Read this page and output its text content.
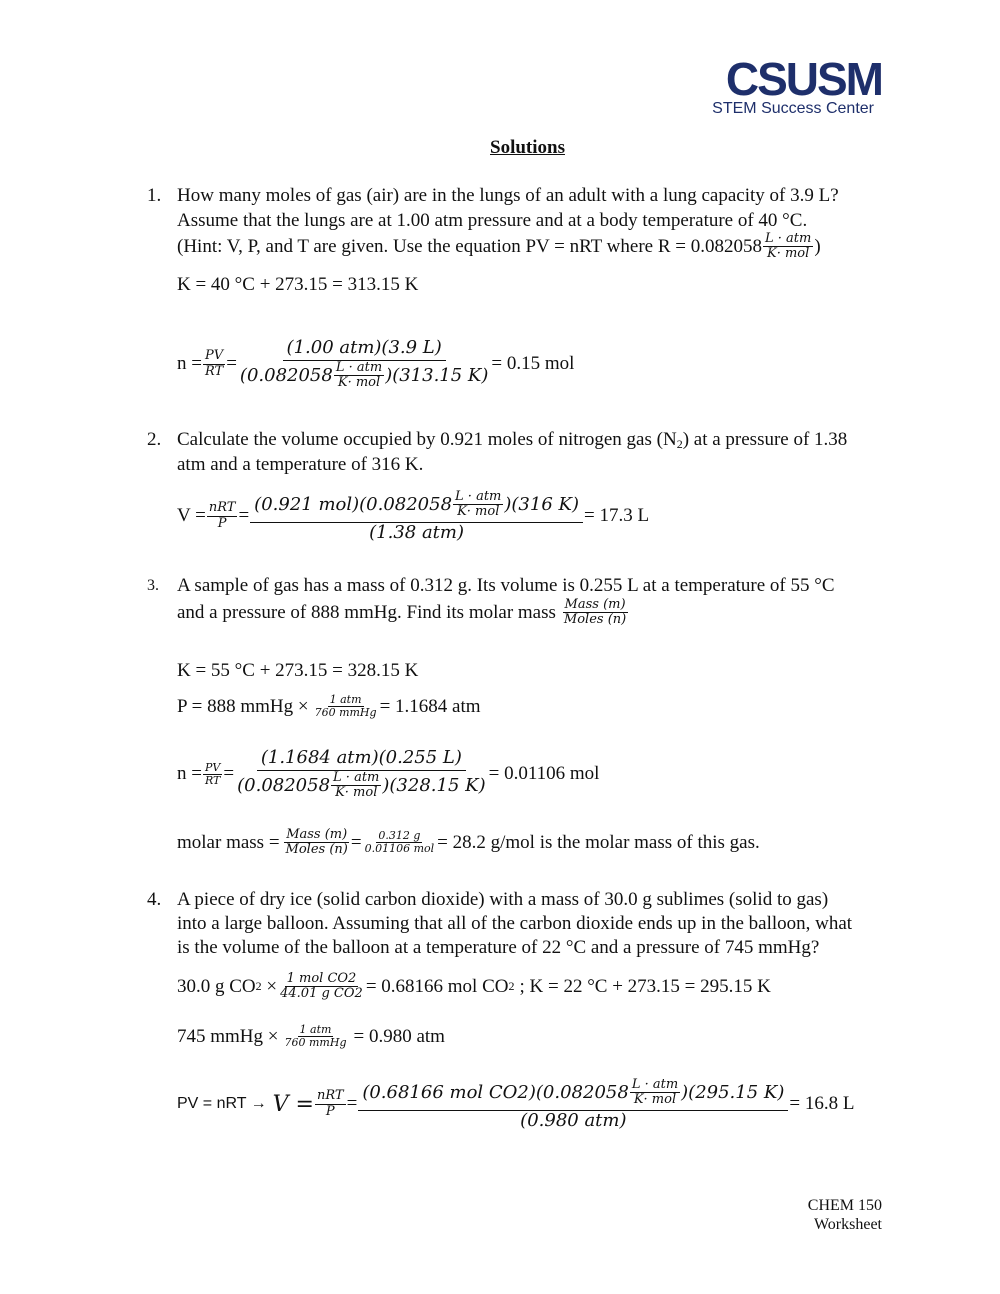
CSUSM
STEM Success Center
Solutions
1. How many moles of gas (air) are in the lungs of an adult with a lung capacity of 3.9 L?
Assume that the lungs are at 1.00 atm pressure and at a body temperature of 40 °C.
(Hint: V, P, and T are given. Use the equation PV = nRT where $R = 0.082058 \frac{\text{L · atm}}{\text{K· mol}}$ )
K = 40 °C + 273.15 = 313.15 K
$n = \frac{PV}{RT}$ =
(1.00 atm)(3.9 L)
$(0.082058 \frac{\text{L · atm}}{\text{K· mol}} )(313.15$ K)
= 0.15 mol
2. Calculate the volume occupied by 0.921 moles of nitrogen gas $(N_2)$ at a pressure of 1.38
atm and a temperature of 316 K.
$V = \frac{\text{nRT}}{P}$ =
(0.921 $mol)(0.082058 \frac{\text{L · atm}}{\text{K· mol}} )(316$ K)
(1.38 atm)
= 17.3 L
3. A sample of gas has a mass of 0.312 g. Its volume is 0.255 L at a temperature of 55 °C
and a pressure of 888 mmHg. Find its molar mass $\frac{\text{Mass (m)}}{\text{Moles (n)}}$
K = 55 °C + 273.15 = 328.15 K
P = 888 mmHg × $\frac{\text{1 atm}}{\text{760 mmHg}} = 1.1684$ atm
$n = \frac{PV}{RT}$ =
(1.1684 atm)(0.255 L)
$(0.082058 \frac{\text{L · atm}}{\text{K· mol}} )(328.15$ K)
= 0.01106 mol
molar mass = $\frac{\text{Mass (m)}}{\text{Moles (n)}} = \frac{0.312 g}{\text{0.01106 mol}} = 28.2$ g/mol is the molar mass of this gas.
4. A piece of dry ice (solid carbon dioxide) with a mass of 30.0 g sublimes (solid to gas)
into a large balloon. Assuming that all of the carbon dioxide ends up in the balloon, what
is the volume of the balloon at a temperature of 22 °C and a pressure of 745 mmHg?
30.0 g CO $2 \times \frac{\text{1 mol CO2}}{\text{44.01 g CO2}} = 0.68166$ mol CO 2 ; K = 22 °C + 273.15 = 295.15 K
745 mmHg × $\frac{\text{1 atm}}{\text{760 mmHg}} = 0.980$ atm
PV = nRT → $V = \frac{\text{nRT}}{P}$ =
(0.68166 mol $CO2)(0.082058 \frac{\text{L · atm}}{\text{K· mol}} )(295.15$ K)
(0.980 atm)
= 16.8 L
CHEM 150
Worksheet
